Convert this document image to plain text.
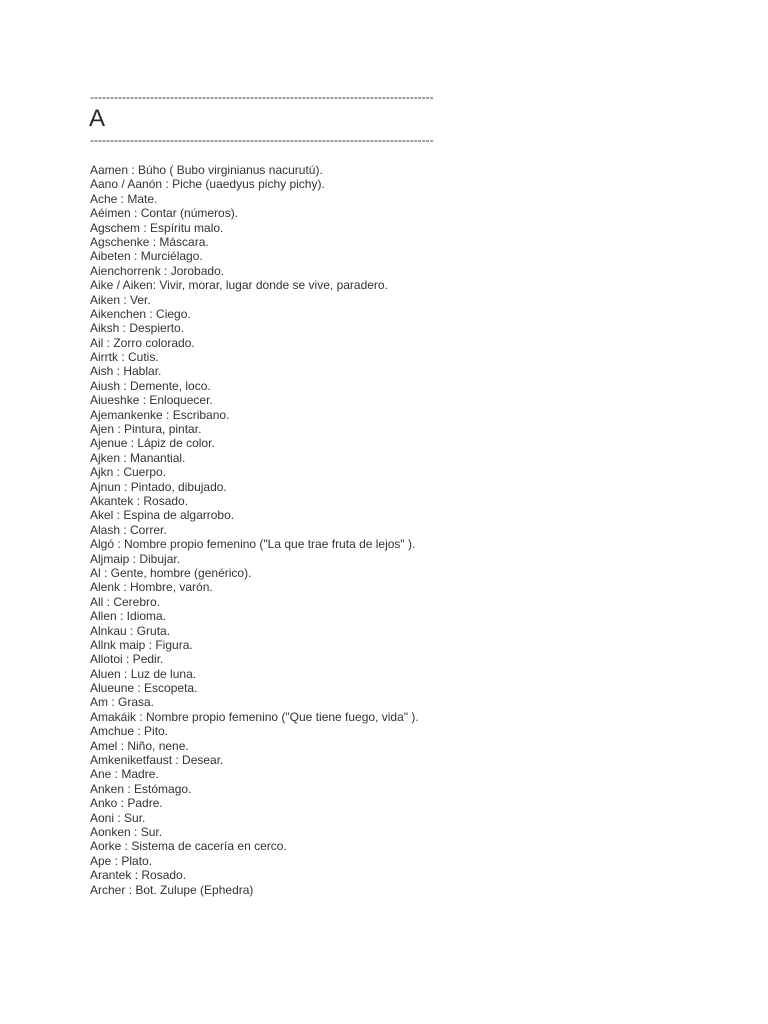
--------------------------------------------------------------------------------------
A
--------------------------------------------------------------------------------------
Aamen : Búho ( Bubo virginianus nacurutú).
Aano / Aanón : Piche (uaedyus pichy pichy).
Ache : Mate.
Aéimen : Contar (números).
Agschem : Espíritu malo.
Agschenke : Máscara.
Aibeten : Murciélago.
Aienchorrenk : Jorobado.
Aike / Aiken: Vivir, morar, lugar donde se vive, paradero.
Aiken : Ver.
Aikenchen : Ciego.
Aiksh : Despierto.
Ail : Zorro colorado.
Airrtk : Cutis.
Aish : Hablar.
Aiush : Demente, loco.
Aiueshke : Enloquecer.
Ajemankenke : Escribano.
Ajen : Pintura, pintar.
Ajenue : Lápiz de color.
Ajken : Manantial.
Ajkn : Cuerpo.
Ajnun : Pintado, dibujado.
Akantek : Rosado.
Akel : Espina de algarrobo.
Alash : Correr.
Algó : Nombre propio femenino ("La que trae fruta de lejos" ).
Aljmaip : Dibujar.
Al : Gente, hombre (genérico).
Alenk : Hombre, varón.
All : Cerebro.
Allen : Idioma.
Alnkau : Gruta.
Allnk maip : Figura.
Allotoi : Pedir.
Aluen : Luz de luna.
Alueune : Escopeta.
Am : Grasa.
Amakáik : Nombre propio femenino ("Que tiene fuego, vida" ).
Amchue : Pito.
Amel : Niño, nene.
Amkeniketfaust : Desear.
Ane : Madre.
Anken : Estómago.
Anko : Padre.
Aoni : Sur.
Aonken : Sur.
Aorke : Sistema de cacería en cerco.
Ape : Plato.
Arantek : Rosado.
Archer : Bot. Zulupe (Ephedra)
